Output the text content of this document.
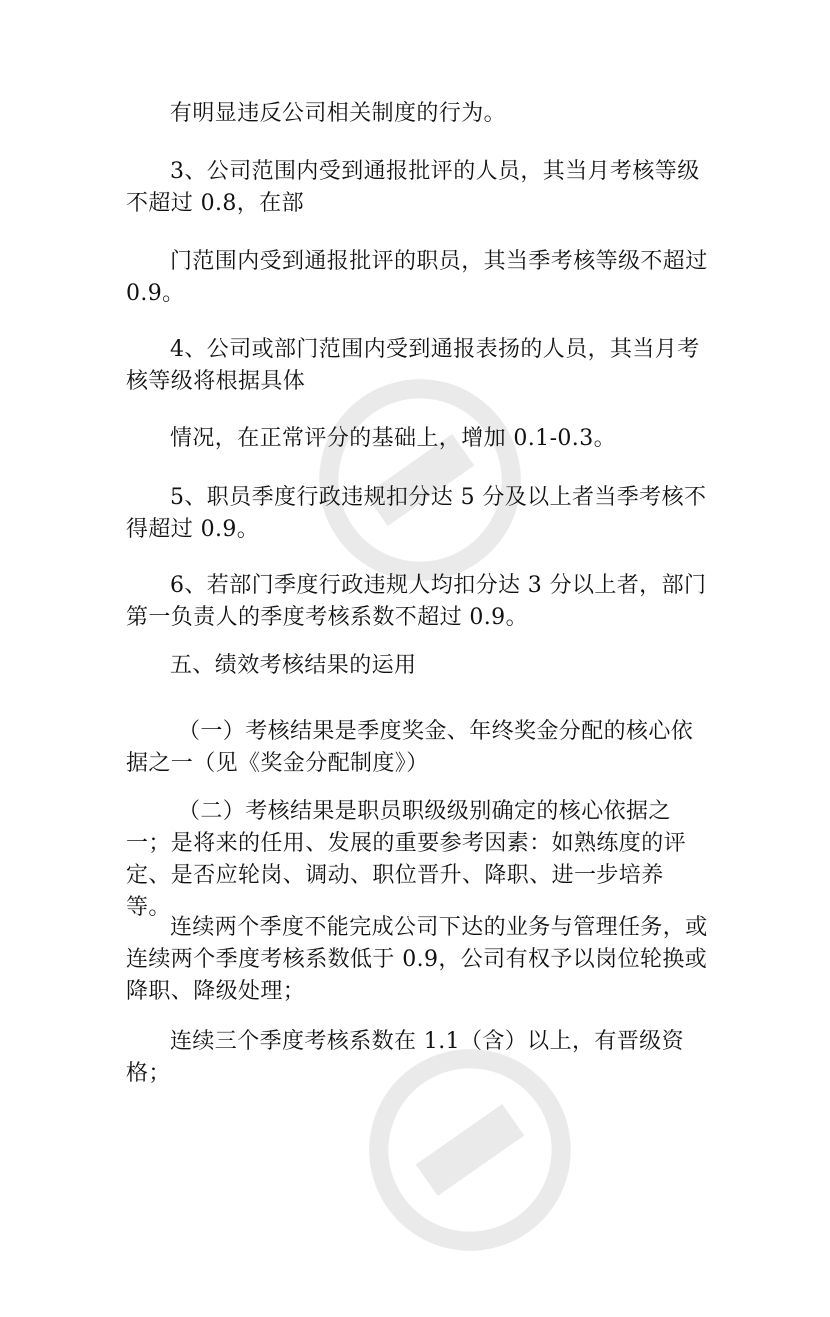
有明显违反公司相关制度的行为。
3、公司范围内受到通报批评的人员，其当月考核等级不超过 0.8，在部
门范围内受到通报批评的职员，其当季考核等级不超过 0.9。
4、公司或部门范围内受到通报表扬的人员，其当月考核等级将根据具体
情况，在正常评分的基础上，增加 0.1-0.3。
5、职员季度行政违规扣分达 5 分及以上者当季考核不得超过 0.9。
6、若部门季度行政违规人均扣分达 3 分以上者，部门第一负责人的季度考核系数不超过 0.9。
五、绩效考核结果的运用
（一）考核结果是季度奖金、年终奖金分配的核心依据之一（见《奖金分配制度》）
（二）考核结果是职员职级级别确定的核心依据之一；是将来的任用、发展的重要参考因素：如熟练度的评定、是否应轮岗、调动、职位晋升、降职、进一步培养等。
连续两个季度不能完成公司下达的业务与管理任务，或连续两个季度考核系数低于 0.9，公司有权予以岗位轮换或降职、降级处理；
连续三个季度考核系数在 1.1（含）以上，有晋级资格；
